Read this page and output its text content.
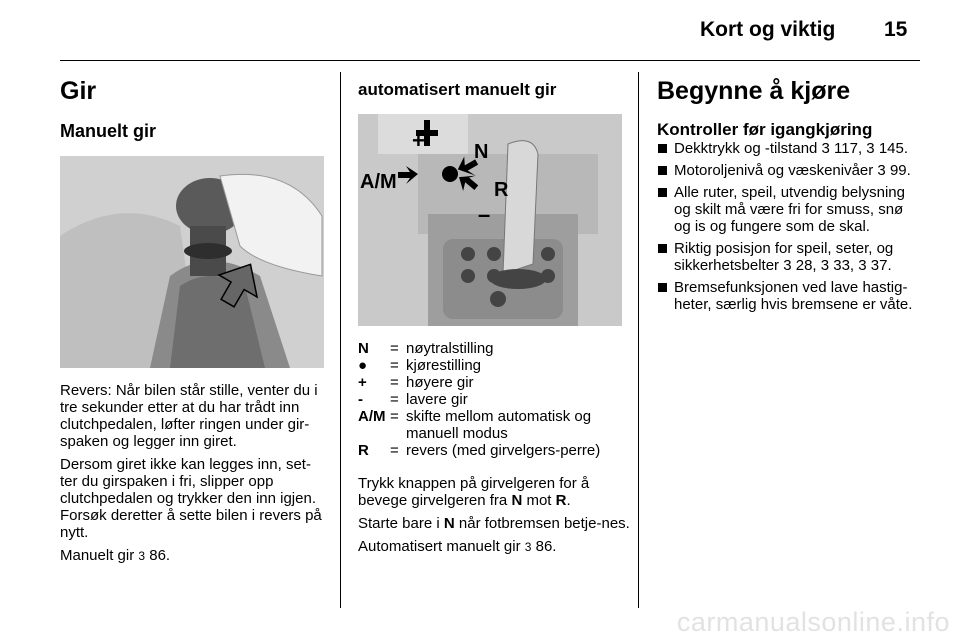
Kort og viktig 15
Gir
Manuelt gir

Revers: Når bilen står stille, venter du i tre sekunder etter at du har trådt inn clutchpedalen, løfter ringen under gir-spaken og legger inn giret.

Dersom giret ikke kan legges inn, set-ter du girspaken i fri, slipper opp clutchpedalen og trykker den inn igjen. Forsøk deretter å sette bilen i revers på nytt.

Manuelt gir 3 86.

automatisert manuelt gir
+ N
A/M	R
–
N	= nøytralstilling
●	= kjørestilling
+	= høyere gir
-	= lavere gir
A/M = skifte mellom automatisk og manuell modus
R	= revers (med girvelgers-perre)

Trykk knappen på girvelgeren for å bevege girvelgeren fra N mot R.

Starte bare i N når fotbremsen betje-nes.

Automatisert manuelt gir 3 86.

Begynne å kjøre
Kontroller før igangkjøring
Dekktrykk og -tilstand 3 117, 3 145.
Motoroljenivå og væskenivåer 3 99.
Alle ruter, speil, utvendig belysning og skilt må være fri for smuss, snø og is og fungere som de skal.
Riktig posisjon for speil, seter, og sikkerhetsbelter 3 28, 3 33, 3 37.
Bremsefunksjonen ved lave hastig-heter, særlig hvis bremsene er våte.
carmanualsonline.info
